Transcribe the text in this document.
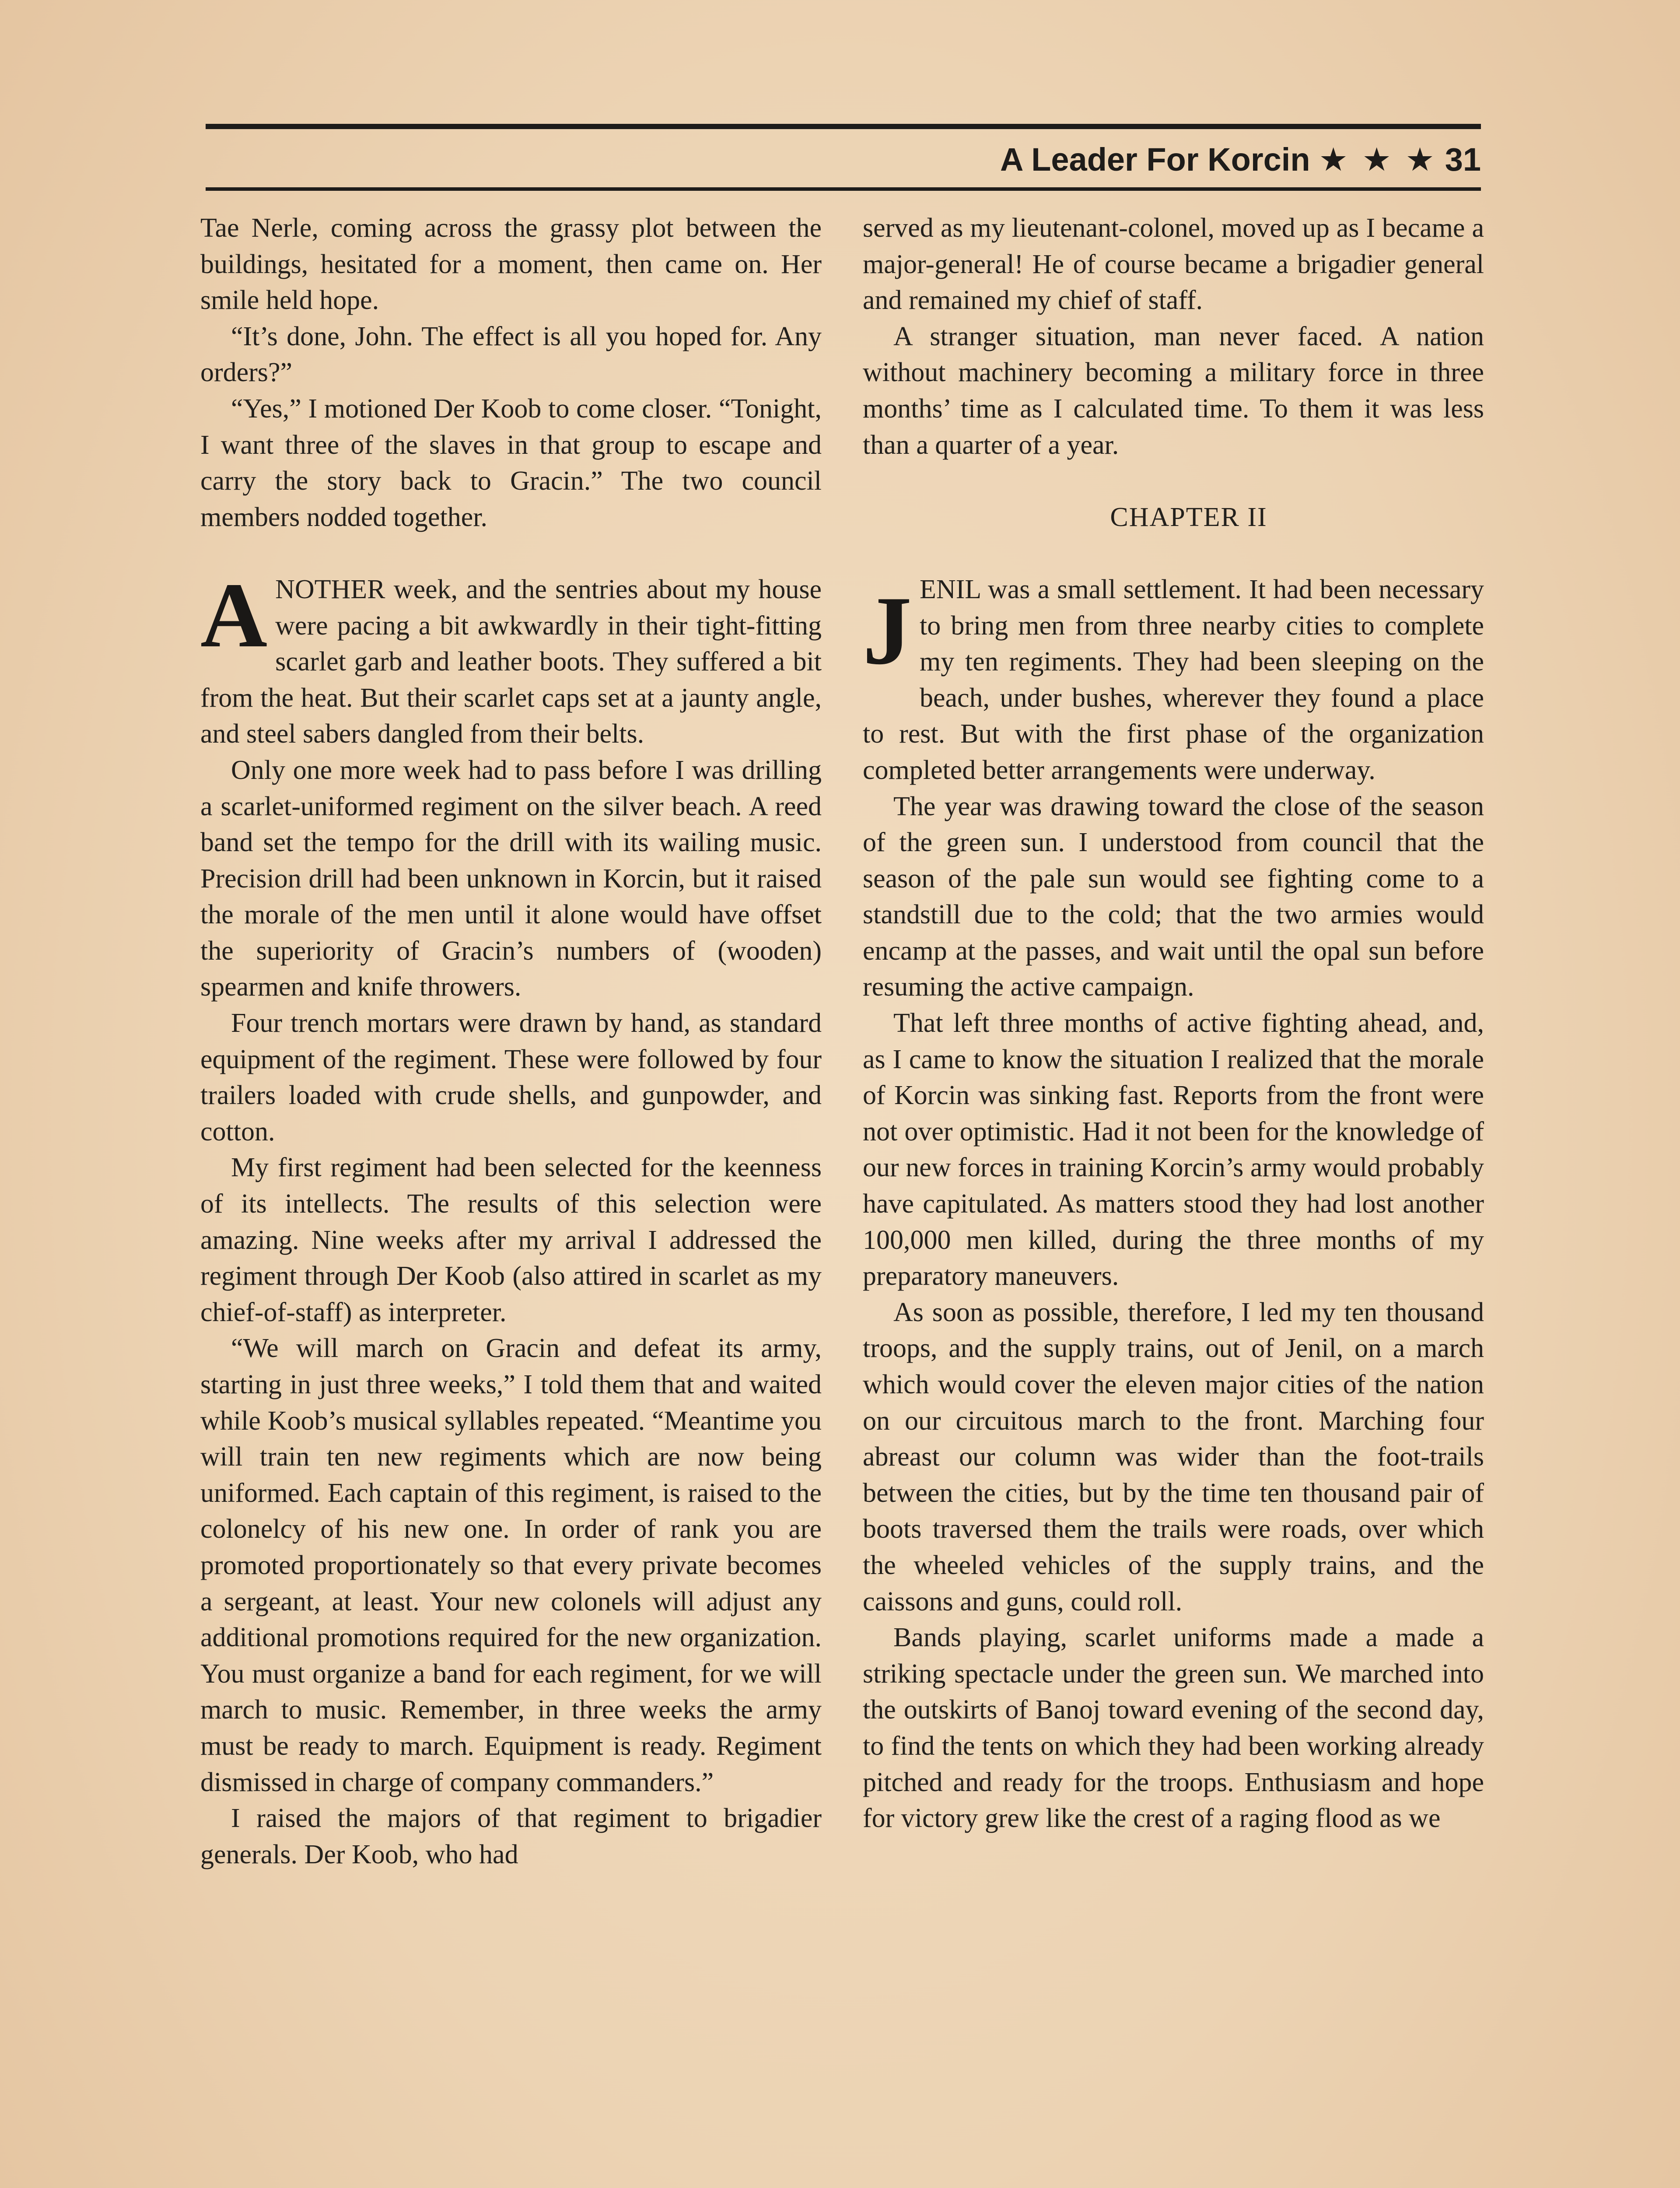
A Leader For Korcin ★ ★ ★ 31

Tae Nerle, coming across the grassy plot between the buildings, hesitated for a moment, then came on. Her smile held hope.

“It’s done, John. The effect is all you hoped for. Any orders?”

“Yes,” I motioned Der Koob to come closer. “Tonight, I want three of the slaves in that group to escape and carry the story back to Gracin.” The two council members nodded together.

ANOTHER week, and the sentries about my house were pacing a bit awkwardly in their tight-fitting scarlet garb and leather boots. They suffered a bit from the heat. But their scarlet caps set at a jaunty angle, and steel sabers dangled from their belts.

Only one more week had to pass before I was drilling a scarlet-uniformed regiment on the silver beach. A reed band set the tempo for the drill with its wailing music. Precision drill had been unknown in Korcin, but it raised the morale of the men until it alone would have offset the superiority of Gracin’s numbers of (wooden) spearmen and knife throwers.

Four trench mortars were drawn by hand, as standard equipment of the regiment. These were followed by four trailers loaded with crude shells, and gunpowder, and cotton.

My first regiment had been selected for the keenness of its intellects. The results of this selection were amazing. Nine weeks after my arrival I addressed the regiment through Der Koob (also attired in scarlet as my chief-of-staff) as interpreter.

“We will march on Gracin and defeat its army, starting in just three weeks,” I told them that and waited while Koob’s musical syllables repeated. “Meantime you will train ten new regiments which are now being uniformed. Each captain of this regiment, is raised to the colonelcy of his new one. In order of rank you are promoted proportionately so that every private becomes a sergeant, at least. Your new colonels will adjust any additional promotions required for the new organization. You must organize a band for each regiment, for we will march to music. Remember, in three weeks the army must be ready to march. Equipment is ready. Regiment dismissed in charge of company commanders.”

I raised the majors of that regiment to brigadier generals. Der Koob, who had

served as my lieutenant-colonel, moved up as I became a major-general! He of course became a brigadier general and remained my chief of staff.

A stranger situation, man never faced. A nation without machinery becoming a military force in three months’ time as I calculated time. To them it was less than a quarter of a year.

CHAPTER II

JENIL was a small settlement. It had been necessary to bring men from three nearby cities to complete my ten regiments. They had been sleeping on the beach, under bushes, wherever they found a place to rest. But with the first phase of the organization completed better arrangements were underway.

The year was drawing toward the close of the season of the green sun. I understood from council that the season of the pale sun would see fighting come to a standstill due to the cold; that the two armies would encamp at the passes, and wait until the opal sun before resuming the active campaign.

That left three months of active fighting ahead, and, as I came to know the situation I realized that the morale of Korcin was sinking fast. Reports from the front were not over optimistic. Had it not been for the knowledge of our new forces in training Korcin’s army would probably have capitulated. As matters stood they had lost another 100,000 men killed, during the three months of my preparatory maneuvers.

As soon as possible, therefore, I led my ten thousand troops, and the supply trains, out of Jenil, on a march which would cover the eleven major cities of the nation on our circuitous march to the front. Marching four abreast our column was wider than the foot-trails between the cities, but by the time ten thousand pair of boots traversed them the trails were roads, over which the wheeled vehicles of the supply trains, and the caissons and guns, could roll.

Bands playing, scarlet uniforms made a made a striking spectacle under the green sun. We marched into the outskirts of Banoj toward evening of the second day, to find the tents on which they had been working already pitched and ready for the troops. Enthusiasm and hope for victory grew like the crest of a raging flood as we
